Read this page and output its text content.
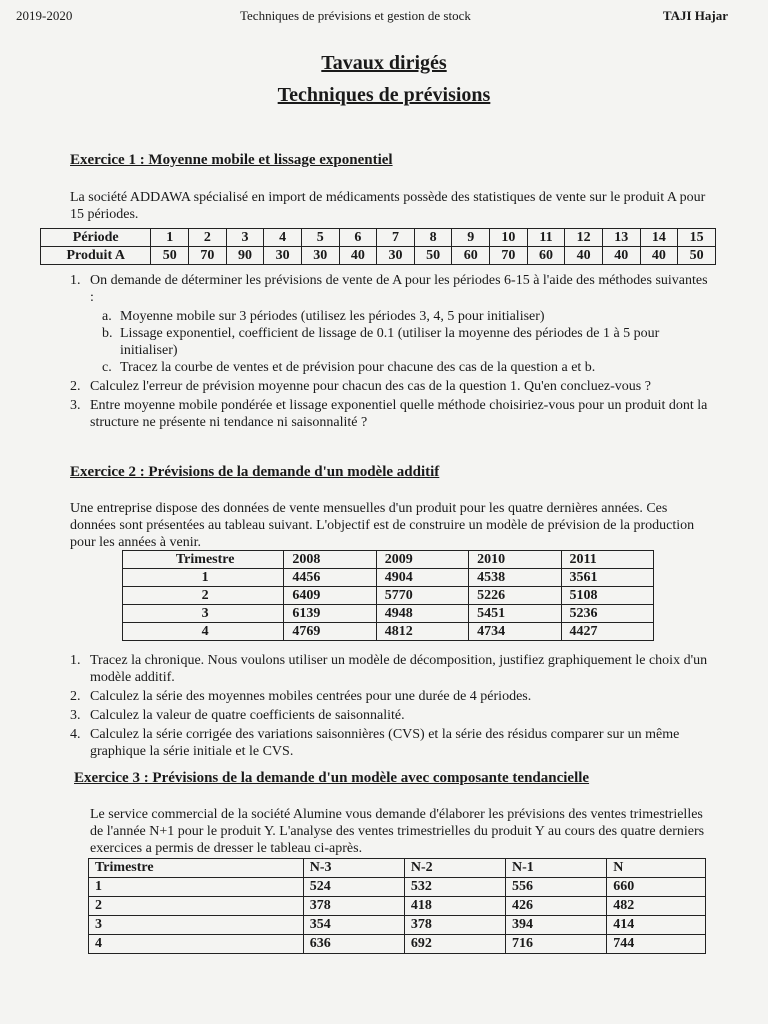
2019-2020	Techniques de prévisions et gestion de stock	TAJI Hajar
Tavaux dirigés
Techniques de prévisions
Exercice 1 : Moyenne mobile et lissage exponentiel
La société ADDAWA spécialisé en import de médicaments possède des statistiques de vente sur le produit A pour 15 périodes.
Période	1	2	3	4	5	6	7	8	9	10	11	12	13	14	15
Produit A	50	70	90	30	30	40	30	50	60	70	60	40	40	40	50
1. On demande de déterminer les prévisions de vente de A pour les périodes 6-15 à l'aide des méthodes suivantes :
a. Moyenne mobile sur 3 périodes (utilisez les périodes 3, 4, 5 pour initialiser)
b. Lissage exponentiel, coefficient de lissage de 0.1 (utiliser la moyenne des périodes de 1 à 5 pour initialiser)
c. Tracez la courbe de ventes et de prévision pour chacune des cas de la question a et b.
2. Calculez l'erreur de prévision moyenne pour chacun des cas de la question 1. Qu'en concluez-vous ?
3. Entre moyenne mobile pondérée et lissage exponentiel quelle méthode choisiriez-vous pour un produit dont la structure ne présente ni tendance ni saisonnalité ?
Exercice 2 : Prévisions de la demande d'un modèle additif
Une entreprise dispose des données de vente mensuelles d'un produit pour les quatre dernières années. Ces données sont présentées au tableau suivant. L'objectif est de construire un modèle de prévision de la production pour les années à venir.
Trimestre	2008	2009	2010	2011
1	4456	4904	4538	3561
2	6409	5770	5226	5108
3	6139	4948	5451	5236
4	4769	4812	4734	4427
1. Tracez la chronique. Nous voulons utiliser un modèle de décomposition, justifiez graphiquement le choix d'un modèle additif.
2. Calculez la série des moyennes mobiles centrées pour une durée de 4 périodes.
3. Calculez la valeur de quatre coefficients de saisonnalité.
4. Calculez la série corrigée des variations saisonnières (CVS) et la série des résidus comparer sur un même graphique la série initiale et le CVS.
Exercice 3 : Prévisions de la demande d'un modèle avec composante tendancielle
Le service commercial de la société Alumine vous demande d'élaborer les prévisions des ventes trimestrielles de l'année N+1 pour le produit Y. L'analyse des ventes trimestrielles du produit Y au cours des quatre derniers exercices a permis de dresser le tableau ci-après.
Trimestre	N-3	N-2	N-1	N
1	524	532	556	660
2	378	418	426	482
3	354	378	394	414
4	636	692	716	744
